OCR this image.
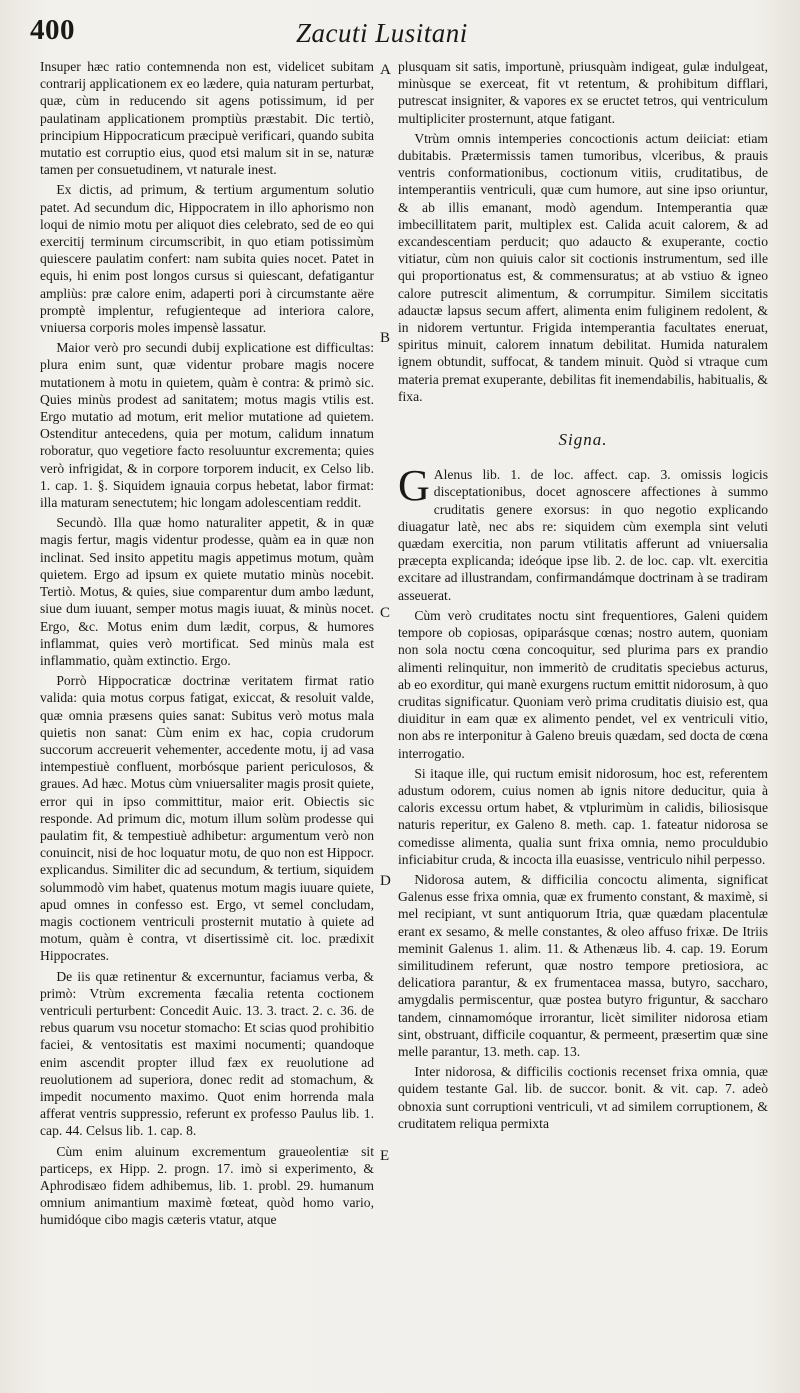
400	Zacuti Lusitani
A
B
C
D
E

Insuper hæc ratio contemnenda non est, videlicet subitam contrarij applicationem ex eo lædere, quia naturam perturbat, quæ, cùm in reducendo sit agens potissimum, id per paulatinam applicationem promptiùs præstabit. Dic tertiò, principium Hippocraticum præcipuè verificari, quando subita mutatio est corruptio eius, quod etsi malum sit in se, naturæ tamen per consuetudinem, vt naturale inest.

Ex dictis, ad primum, & tertium argumentum solutio patet. Ad secundum dic, Hippocratem in illo aphorismo non loqui de nimio motu per aliquot dies celebrato, sed de eo qui exercitij terminum circumscribit, in quo etiam potissimùm quiescere paulatim confert: nam subita quies nocet. Patet in equis, hi enim post longos cursus si quiescant, defatigantur ampliùs: præ calore enim, adaperti pori à circumstante aëre promptè implentur, refugienteque ad interiora calore, vniuersa corporis moles impensè lassatur.

Maior verò pro secundi dubij explicatione est difficultas: plura enim sunt, quæ videntur probare magis nocere mutationem à motu in quietem, quàm è contra: & primò sic. Quies minùs prodest ad sanitatem; motus magis vtilis est. Ergo mutatio ad motum, erit melior mutatione ad quietem. Ostenditur antecedens, quia per motum, calidum innatum roboratur, quo vegetiore facto resoluuntur excrementa; quies verò infrigidat, & in corpore torporem inducit, ex Celso lib. 1. cap. 1. §. Siquidem ignauia corpus hebetat, labor firmat: illa maturam senectutem; hic longam adolescentiam reddit.

Secundò. Illa quæ homo naturaliter appetit, & in quæ magis fertur, magis videntur prodesse, quàm ea in quæ non inclinat. Sed insito appetitu magis appetimus motum, quàm quietem. Ergo ad ipsum ex quiete mutatio minùs nocebit. Tertiò. Motus, & quies, siue comparentur dum ambo lædunt, siue dum iuuant, semper motus magis iuuat, & minùs nocet. Ergo, &c. Motus enim dum lædit, corpus, & humores inflammat, quies verò mortificat. Sed minùs mala est inflammatio, quàm extinctio. Ergo.

Porrò Hippocraticæ doctrinæ veritatem firmat ratio valida: quia motus corpus fatigat, exiccat, & resoluit valde, quæ omnia præsens quies sanat: Subitus verò motus mala quietis non sanat: Cùm enim ex hac, copia crudorum succorum accreuerit vehementer, accedente motu, ij ad vasa intempestiuè confluent, morbósque parient periculosos, & graues. Ad hæc. Motus cùm vniuersaliter magis prosit quiete, error qui in ipso committitur, maior erit. Obiectis sic responde. Ad primum dic, motum illum solùm prodesse qui paulatim fit, & tempestiuè adhibetur: argumentum verò non conuincit, nisi de hoc loquatur motu, de quo non est Hippocr. explicandus. Similiter dic ad secundum, & tertium, siquidem solummodò vim habet, quatenus motum magis iuuare quiete, apud omnes in confesso est. Ergo, vt semel concludam, magis coctionem ventriculi prosternit mutatio à quiete ad motum, quàm è contra, vt disertissimè cit. loc. prædixit Hippocrates.

De iis quæ retinentur & excernuntur, faciamus verba, & primò: Vtrùm excrementa fæcalia retenta coctionem ventriculi perturbent: Concedit Auic. 13. 3. tract. 2. c. 36. de rebus quarum vsu nocetur stomacho: Et scias quod prohibitio faciei, & ventositatis est maximi nocumenti; quandoque enim ascendit propter illud fæx ex reuolutione ad reuolutionem ad superiora, donec redit ad stomachum, & impedit nocumento maximo. Quot enim horrenda mala afferat ventris suppressio, referunt ex professo Paulus lib. 1. cap. 44. Celsus lib. 1. cap. 8.

Cùm enim aluinum excrementum graueolentiæ sit particeps, ex Hipp. 2. progn. 17. imò si experimento, & Aphrodisæo fidem adhibemus, lib. 1. probl. 29. humanum omnium animantium maximè fœteat, quòd homo vario, humidóque cibo magis cæteris vtatur, atque

plusquam sit satis, importunè, priusquàm indigeat, gulæ indulgeat, minùsque se exerceat, fit vt retentum, & prohibitum difflari, putrescat insigniter, & vapores ex se eructet tetros, qui ventriculum multipliciter prosternunt, atque fatigant.

Vtrùm omnis intemperies concoctionis actum deiiciat: etiam dubitabis. Prætermissis tamen tumoribus, vlceribus, & prauis ventris conformationibus, coctionum vitiis, cruditatibus, de intemperantiis ventriculi, quæ cum humore, aut sine ipso oriuntur, & ab illis emanant, modò agendum. Intemperantia quæ imbecillitatem parit, multiplex est. Calida acuit calorem, & ad excandescentiam perducit; quo adaucto & exuperante, coctio vitiatur, cùm non quiuis calor sit coctionis instrumentum, sed ille qui proportionatus est, & commensuratus; at ab vstiuo & igneo calore putrescit alimentum, & corrumpitur. Similem siccitatis adauctæ lapsus secum affert, alimenta enim fuliginem redolent, & in nidorem vertuntur. Frigida intemperantia facultates eneruat, spiritus minuit, calorem innatum debilitat. Humida naturalem ignem obtundit, suffocat, & tandem minuit. Quòd si vtraque cum materia premat exuperante, debilitas fit inemendabilis, habitualis, & fixa.

Signa.

G Alenus lib. 1. de loc. affect. cap. 3. omissis logicis disceptationibus, docet agnoscere affectiones à summo cruditatis genere exorsus: in quo negotio explicando diuagatur latè, nec abs re: siquidem cùm exempla sint veluti quædam exercitia, non parum vtilitatis afferunt ad vniuersalia præcepta explicanda; ideóque ipse lib. 2. de loc. cap. vlt. exercitia excitare ad illustrandam, confirmandámque doctrinam à se tradiram asseuerat.

Cùm verò cruditates noctu sint frequentiores, Galeni quidem tempore ob copiosas, opiparásque cœnas; nostro autem, quoniam non sola noctu cœna concoquitur, sed plurima pars ex prandio alimenti relinquitur, non immeritò de cruditatis speciebus acturus, ab eo exorditur, qui manè exurgens ructum emittit nidorosum, à quo cruditas significatur. Quoniam verò prima cruditatis diuisio est, qua diuiditur in eam quæ ex alimento pendet, vel ex ventriculi vitio, non abs re interponitur à Galeno breuis quædam, sed docta de cœna interrogatio.

Si itaque ille, qui ructum emisit nidorosum, hoc est, referentem adustum odorem, cuius nomen ab ignis nitore deducitur, quia à caloris excessu ortum habet, & vtplurimùm in calidis, biliosisque naturis reperitur, ex Galeno 8. meth. cap. 1. fateatur nidorosa se comedisse alimenta, qualia sunt frixa omnia, nemo proculdubio inficiabitur cruda, & incocta illa euasisse, ventriculo nihil perpesso.

Nidorosa autem, & difficilia concoctu alimenta, significat Galenus esse frixa omnia, quæ ex frumento constant, & maximè, si mel recipiant, vt sunt antiquorum Itria, quæ quædam placentulæ erant ex sesamo, & melle constantes, & oleo affuso frixæ. De Itriis meminit Galenus 1. alim. 11. & Athenæus lib. 4. cap. 19. Eorum similitudinem referunt, quæ nostro tempore pretiosiora, ac delicatiora parantur, & ex frumentacea massa, butyro, saccharo, amygdalis permiscentur, quæ postea butyro friguntur, & saccharo tandem, cinnamomóque irrorantur, licèt similiter nidorosa etiam sint, obstruant, difficile coquantur, & permeent, præsertim quæ sine melle parantur, 13. meth. cap. 13.

Inter nidorosa, & difficilis coctionis recenset frixa omnia, quæ quidem testante Gal. lib. de succor. bonit. & vit. cap. 7. adeò obnoxia sunt corruptioni ventriculi, vt ad similem corruptionem, & cruditatem reliqua permixta
